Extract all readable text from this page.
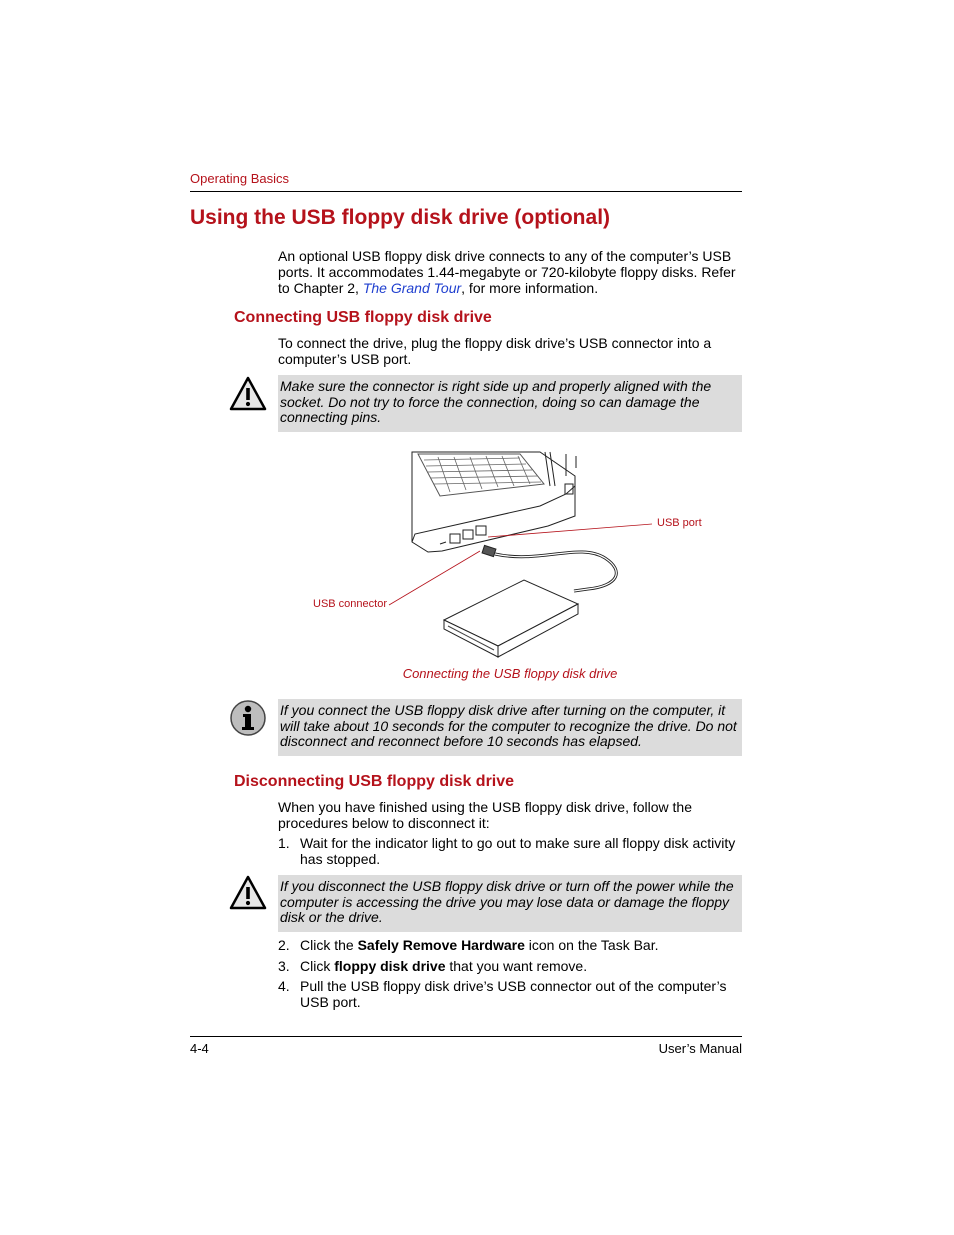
Operating Basics
Using the USB floppy disk drive (optional)

An optional USB floppy disk drive connects to any of the computer’s USB ports. It accommodates 1.44-megabyte or 720-kilobyte floppy disks. Refer to Chapter 2, The Grand Tour, for more information.

Connecting USB floppy disk drive

To connect the drive, plug the floppy disk drive’s USB connector into a computer’s USB port.

Make sure the connector is right side up and properly aligned with the socket. Do not try to force the connection, doing so can damage the connecting pins.
USB port
USB connector
Connecting the USB floppy disk drive
If you connect the USB floppy disk drive after turning on the computer, it will take about 10 seconds for the computer to recognize the drive. Do not disconnect and reconnect before 10 seconds has elapsed.
Disconnecting USB floppy disk drive

When you have finished using the USB floppy disk drive, follow the procedures below to disconnect it:

1. Wait for the indicator light to go out to make sure all floppy disk activity has stopped.
If you disconnect the USB floppy disk drive or turn off the power while the computer is accessing the drive you may lose data or damage the floppy disk or the drive.
2. Click the Safely Remove Hardware icon on the Task Bar.
3. Click floppy disk drive that you want remove.
4. Pull the USB floppy disk drive’s USB connector out of the computer’s USB port.
4-4	User’s Manual
